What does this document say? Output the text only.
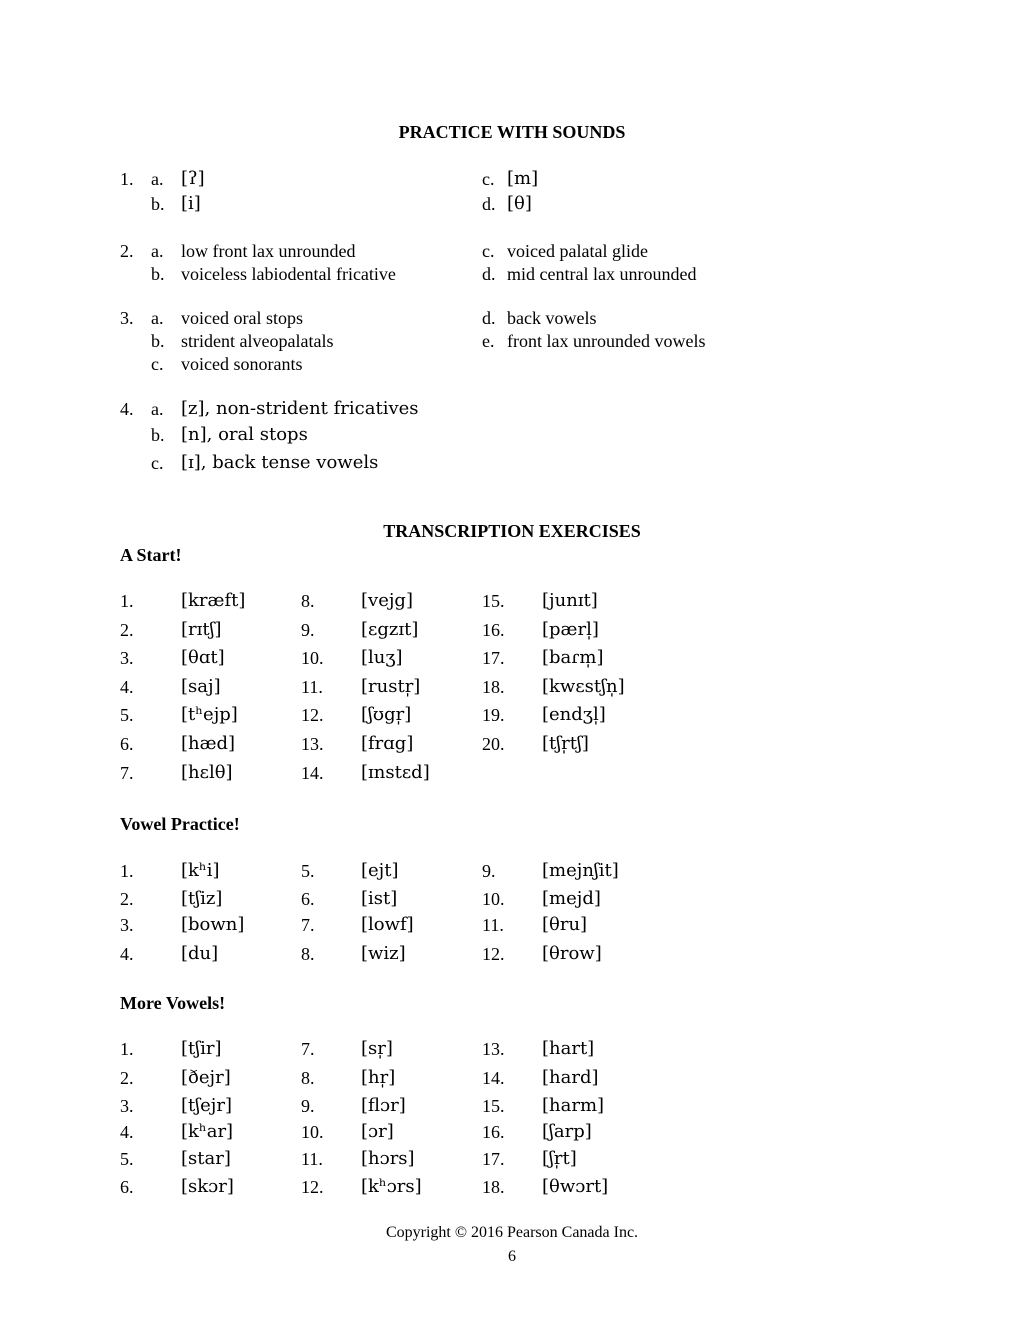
PRACTICE WITH SOUNDS
1. a. [ʔ]
b. [i]
c. [m]
d. [θ]
2. a. low front lax unrounded
b. voiceless labiodental fricative
c. voiced palatal glide
d. mid central lax unrounded
3. a. voiced oral stops
b. strident alveopalatals
c. voiced sonorants
d. back vowels
e. front lax unrounded vowels
4. a. [z], non-strident fricatives
b. [n], oral stops
c. [ɪ], back tense vowels
TRANSCRIPTION EXERCISES
A Start!
1.	[kræft]
2.	[rɪtʃ]
3.	[θɑt]
4.	[saj]
5.	[tʰejp]
6.	[hæd]
7.	[hɛlθ]
8.	[vejg]
9.	[ɛgzɪt]
10. [luʒ]
11. [rustr̩]
12. [ʃʊgr̩]
13. [frɑg]
14. [ɪnstɛd]
15. [junɪt]
16. [pærl̩]
17. [baɾm̩]
18. [kwɛstʃn̩]
19. [endʒl̩]
20. [tʃr̩tʃ]
Vowel Practice!
1.	[kʰi]
2.	[tʃiz]
3.	[bown]
4.	[du]
5.	[ejt]
6.	[ist]
7.	[lowf]
8.	[wiz]
9.	[mejnʃit]
10. [mejd]
11. [θru]
12. [θrow]
More Vowels!
1.	[tʃir]
2.	[ðejr]
3.	[tʃejr]
4.	[kʰar]
5.	[star]
6.	[skɔr]
7.	[sr̩]
8.	[hr̩]
9.	[flɔr]
10. [ɔr]
11. [hɔrs]
12. [kʰɔrs]
13. [hart]
14. [hard]
15. [harm]
16. [ʃarp]
17. [ʃr̩t]
18. [θwɔrt]
Copyright © 2016 Pearson Canada Inc.
6
